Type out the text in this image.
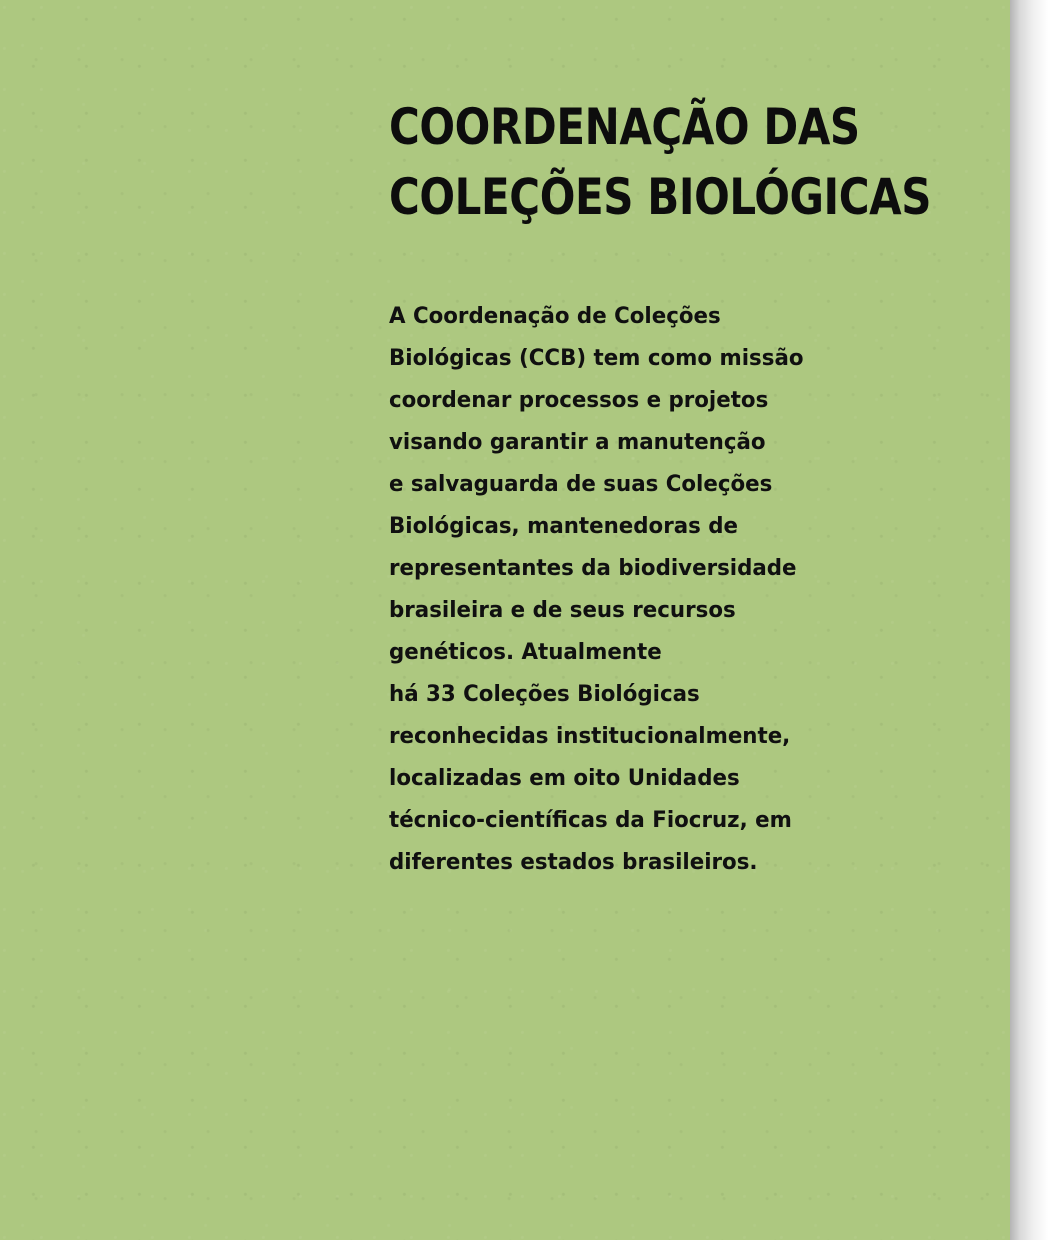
COORDENAÇÃO DAS
COLEÇÕES BIOLÓGICAS

A Coordenação de Coleções
Biológicas (CCB) tem como missão
coordenar processos e projetos
visando garantir a manutenção
e salvaguarda de suas Coleções
Biológicas, mantenedoras de
representantes da biodiversidade
brasileira e de seus recursos
genéticos. Atualmente
há 33 Coleções Biológicas
reconhecidas institucionalmente,
localizadas em oito Unidades
técnico-científicas da Fiocruz, em
diferentes estados brasileiros.
